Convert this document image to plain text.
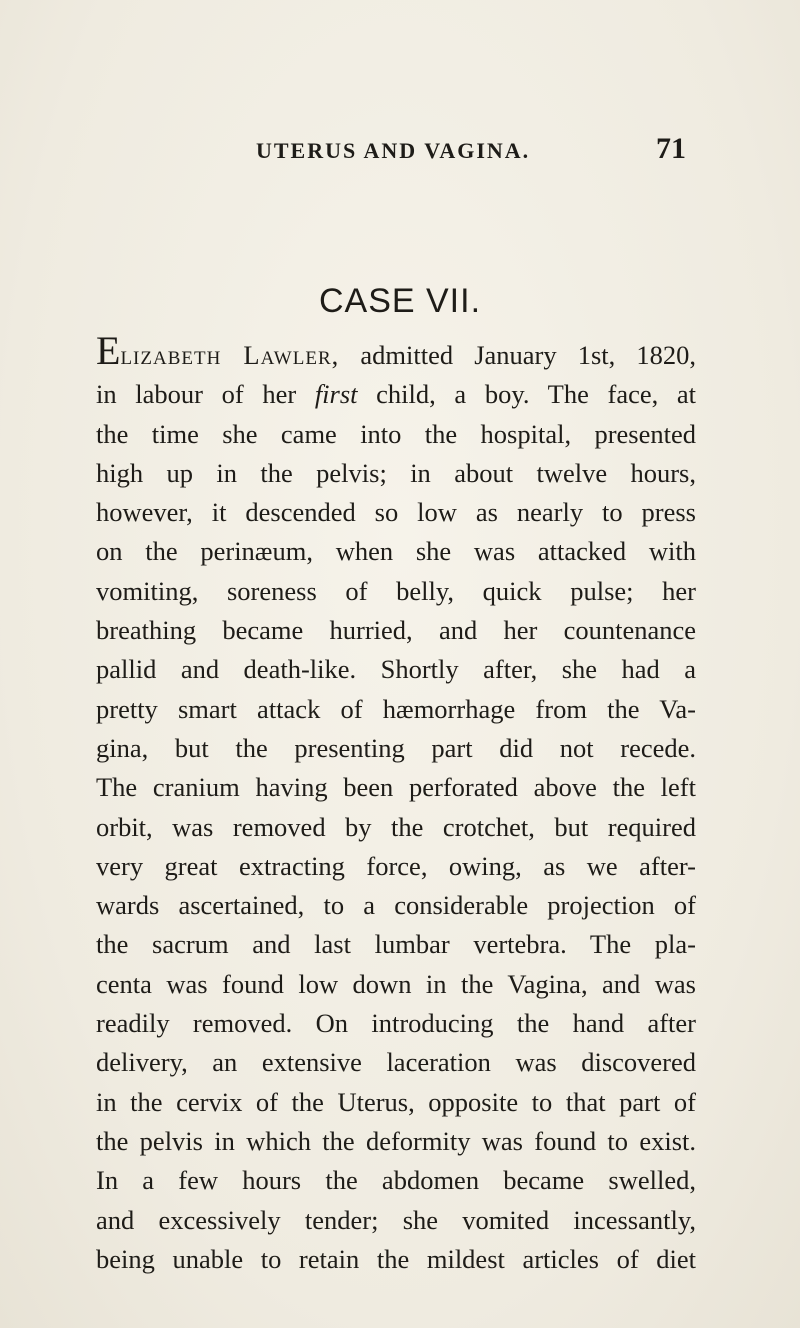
UTERUS AND VAGINA.	71
CASE VII.
Elizabeth Lawler, admitted January 1st, 1820,
in labour of her first child, a boy. The face, at
the time she came into the hospital, presented
high up in the pelvis; in about twelve hours,
however, it descended so low as nearly to press
on the perinæum, when she was attacked with
vomiting, soreness of belly, quick pulse; her
breathing became hurried, and her countenance
pallid and death-like. Shortly after, she had a
pretty smart attack of hæmorrhage from the Va-
gina, but the presenting part did not recede.
The cranium having been perforated above the left
orbit, was removed by the crotchet, but required
very great extracting force, owing, as we after-
wards ascertained, to a considerable projection of
the sacrum and last lumbar vertebra. The pla-
centa was found low down in the Vagina, and was
readily removed. On introducing the hand after
delivery, an extensive laceration was discovered
in the cervix of the Uterus, opposite to that part of
the pelvis in which the deformity was found to exist.
In a few hours the abdomen became swelled,
and excessively tender; she vomited incessantly,
being unable to retain the mildest articles of diet
